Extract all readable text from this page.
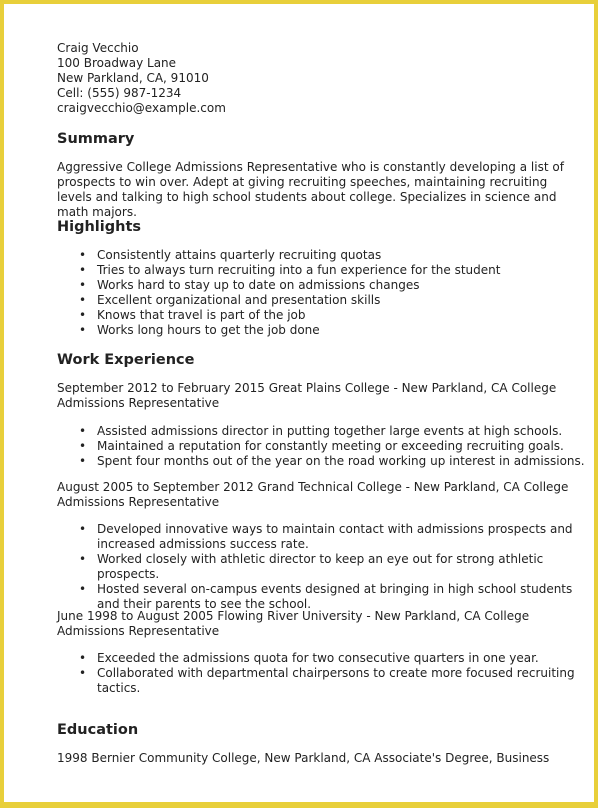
Craig Vecchio
100 Broadway Lane
New Parkland, CA, 91010
Cell: (555) 987-1234
craigvecchio@example.com
Summary
Aggressive College Admissions Representative who is constantly developing a list of prospects to win over. Adept at giving recruiting speeches, maintaining recruiting levels and talking to high school students about college. Specializes in science and math majors.
Highlights
• Consistently attains quarterly recruiting quotas
• Tries to always turn recruiting into a fun experience for the student
• Works hard to stay up to date on admissions changes
• Excellent organizational and presentation skills
• Knows that travel is part of the job
• Works long hours to get the job done
Work Experience
September 2012 to February 2015 Great Plains College - New Parkland, CA College Admissions Representative
• Assisted admissions director in putting together large events at high schools.
• Maintained a reputation for constantly meeting or exceeding recruiting goals.
• Spent four months out of the year on the road working up interest in admissions.
August 2005 to September 2012 Grand Technical College - New Parkland, CA College Admissions Representative
• Developed innovative ways to maintain contact with admissions prospects and increased admissions success rate.
• Worked closely with athletic director to keep an eye out for strong athletic prospects.
• Hosted several on-campus events designed at bringing in high school students and their parents to see the school.
June 1998 to August 2005 Flowing River University - New Parkland, CA College Admissions Representative
• Exceeded the admissions quota for two consecutive quarters in one year.
• Collaborated with departmental chairpersons to create more focused recruiting tactics.
Education
1998 Bernier Community College, New Parkland, CA Associate's Degree, Business
